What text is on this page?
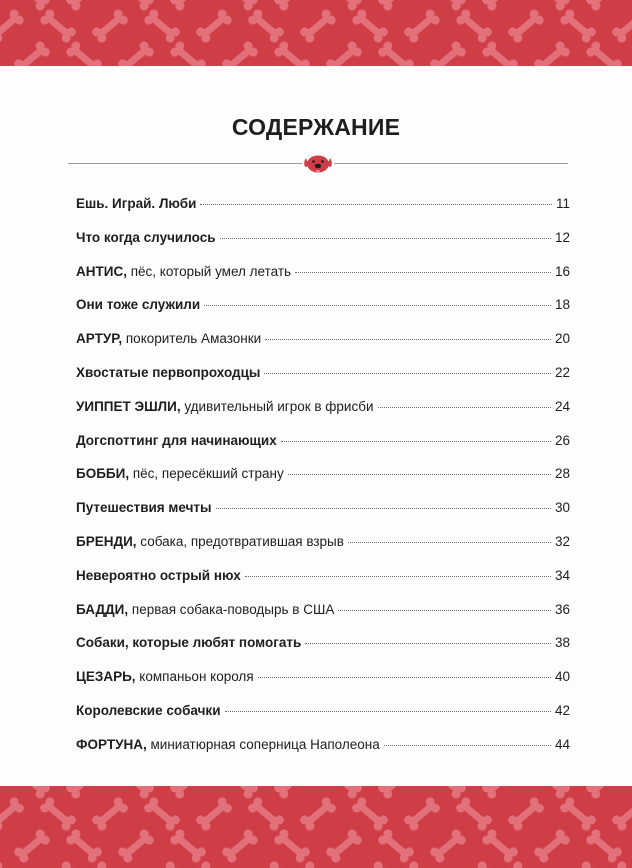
СОДЕРЖАНИЕ
Ешь. Играй. Люби	11
Что когда случилось	12
АНТИС, пёс, который умел летать	16
Они тоже служили	18
АРТУР, покоритель Амазонки	20
Хвостатые первопроходцы	22
УИППЕТ ЭШЛИ, удивительный игрок в фрисби	24
Догспоттинг для начинающих	26
БОББИ, пёс, пересёкший страну	28
Путешествия мечты	30
БРЕНДИ, собака, предотвратившая взрыв	32
Невероятно острый нюх	34
БАДДИ, первая собака-поводырь в США	36
Собаки, которые любят помогать	38
ЦЕЗАРЬ, компаньон короля	40
Королевские собачки	42
ФОРТУНА, миниатюрная соперница Наполеона	44
